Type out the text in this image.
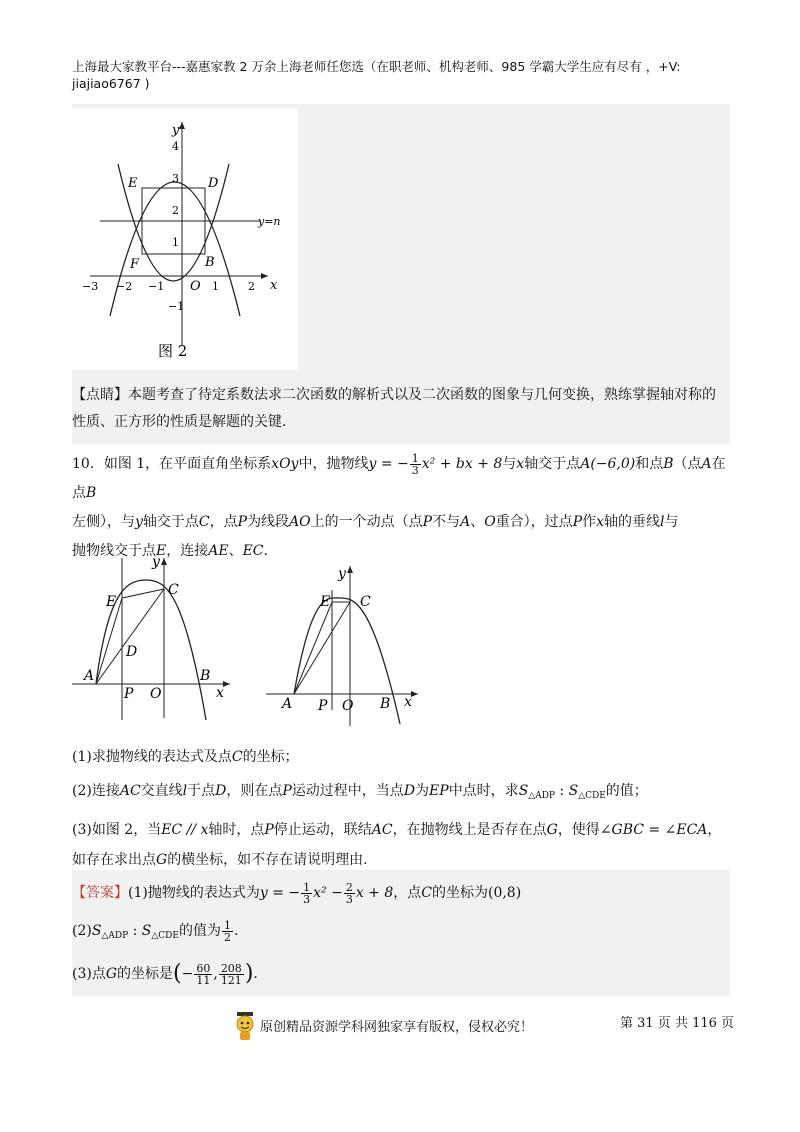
上海最大家教平台---嘉惠家教 2 万余上海老师任您选（在职老师、机构老师、985 学霸大学生应有尽有 ，+V:
jiajiao6767 )
x
y
y=n
−3 −2 −1	1	2
4
3
2
1
−1
E	D
F	B
O
图 2
【点睛】本题考查了待定系数法求二次函数的解析式以及二次函数的图象与几何变换，熟练掌握轴对称的
性质、正方形的性质是解题的关键.
10．如图 1，在平面直角坐标系xOy中，抛物线y = − $\frac{1}{3} x^2$ + bx + 8与x轴交于点A(−6,0)和点B（点A在点B
左侧），与y轴交于点C，点P为线段AO上的一个动点（点P不与A、O重合），过点P作x轴的垂线l与
抛物线交于点E，连接AE、EC.
x
y
E
C
D
A
P O
B
x
y
E C
A P O B
(1)求抛物线的表达式及点C的坐标；
(2)连接AC交直线l于点D，则在点P运动过程中，当点D为EP中点时，求$S_{\triangle ADP}$ : $S_{\triangle CDE}$的值；
(3)如图 2，当EC // x轴时，点P停止运动，联结AC，在抛物线上是否存在点G，使得∠GBC = ∠ECA，
如存在求出点G的横坐标，如不存在请说明理由.
【答案】(1)抛物线的表达式为y = − $\frac{1}{3} x^2 - \frac{2}{3}$ x + 8，点C的坐标为(0,8)
$(2)S_{\triangle ADP}$ : $S_{\triangle CDE}$的值为 $\frac{1}{2}$ .
(3)点G的坐标是(− $\frac{60}{11}$ , $\frac{208}{121}$ ).
原创精品资源学科网独家享有版权，侵权必究！	第 31 页 共 116 页
